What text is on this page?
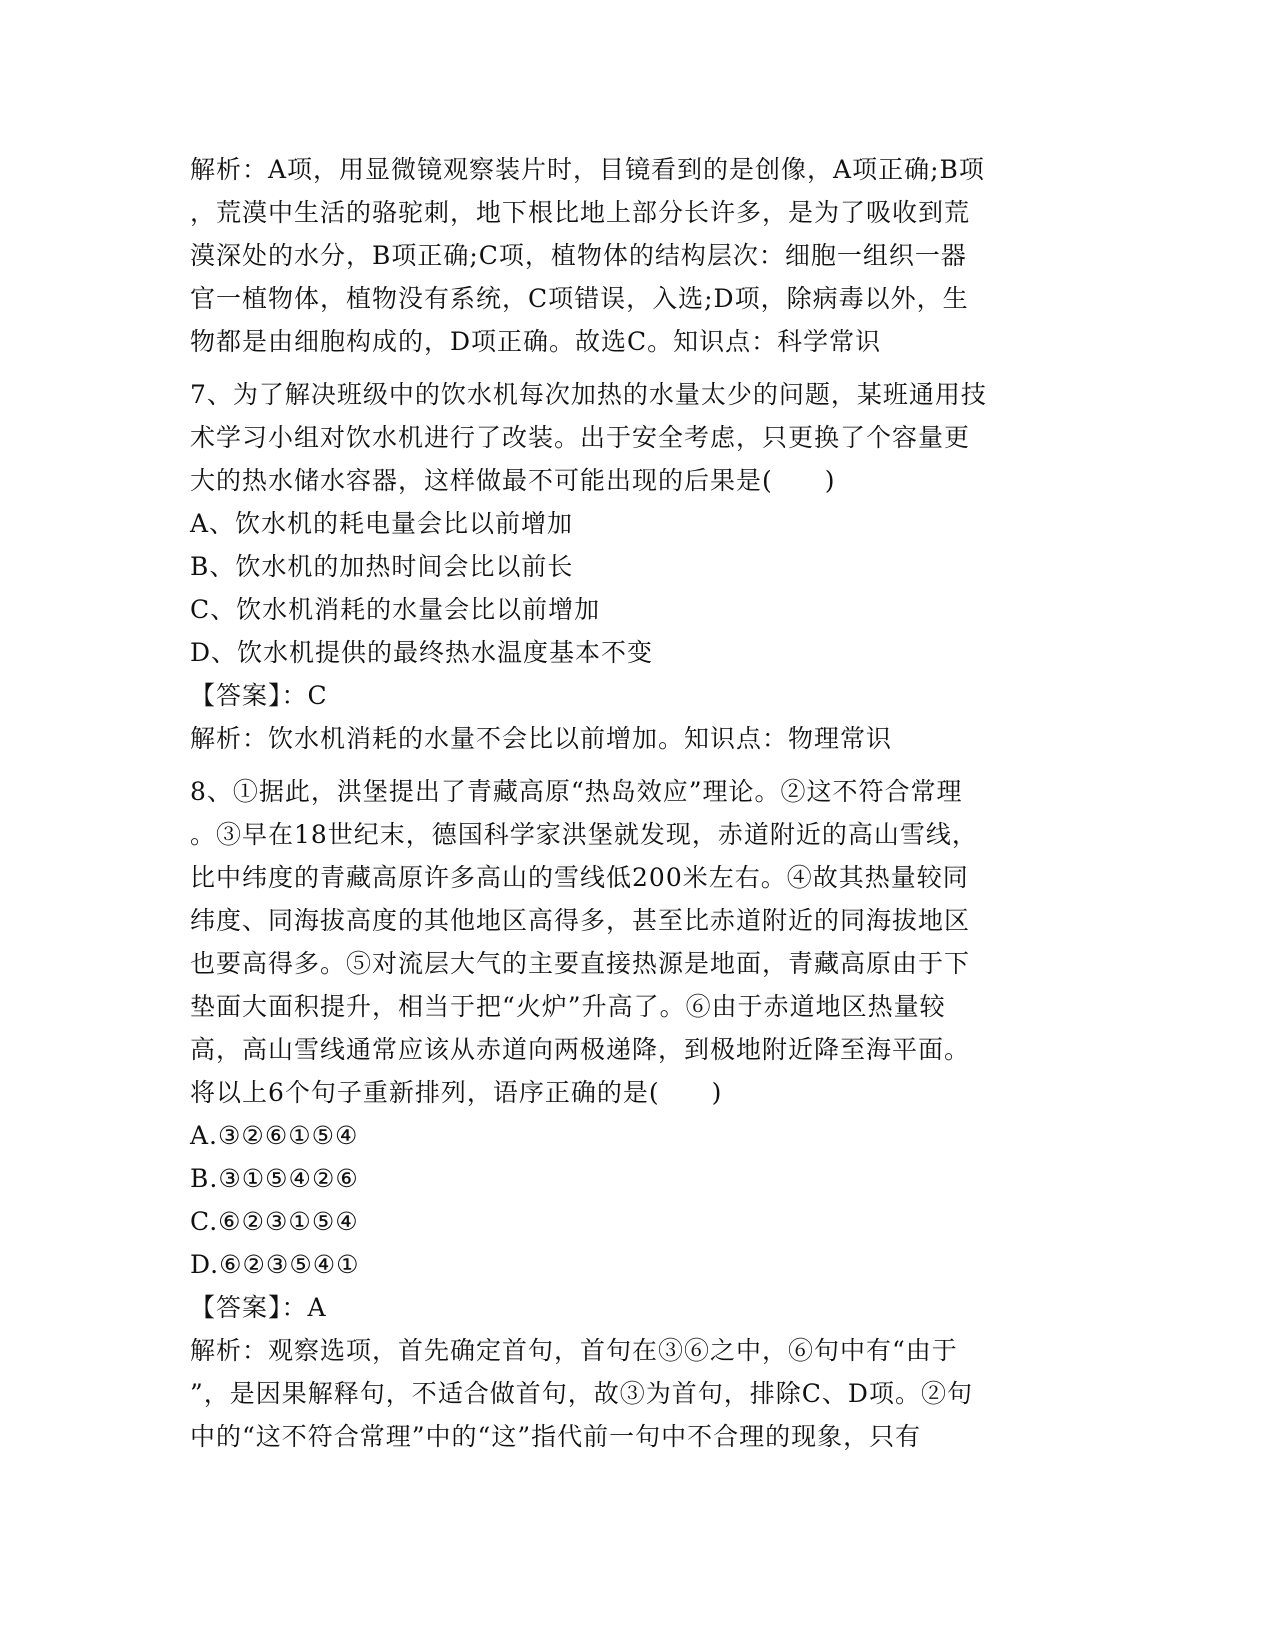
解析：A项，用显微镜观察装片时，目镜看到的是创像，A项正确;B项
，荒漠中生活的骆驼刺，地下根比地上部分长许多，是为了吸收到荒
漠深处的水分，B项正确;C项，植物体的结构层次：细胞一组织一器
官一植物体，植物没有系统，C项错误，入选;D项，除病毒以外，生
物都是由细胞构成的，D项正确。故选C。知识点：科学常识
7、为了解决班级中的饮水机每次加热的水量太少的问题，某班通用技
术学习小组对饮水机进行了改装。出于安全考虑，只更换了个容量更
大的热水储水容器，这样做最不可能出现的后果是(　　)
A、饮水机的耗电量会比以前增加
B、饮水机的加热时间会比以前长
C、饮水机消耗的水量会比以前增加
D、饮水机提供的最终热水温度基本不变
【答案】：C
解析：饮水机消耗的水量不会比以前增加。知识点：物理常识
8、①据此，洪堡提出了青藏高原“热岛效应”理论。②这不符合常理
。③早在18世纪末，德国科学家洪堡就发现，赤道附近的高山雪线，
比中纬度的青藏高原许多高山的雪线低200米左右。④故其热量较同
纬度、同海拔高度的其他地区高得多，甚至比赤道附近的同海拔地区
也要高得多。⑤对流层大气的主要直接热源是地面，青藏高原由于下
垫面大面积提升，相当于把“火炉”升高了。⑥由于赤道地区热量较
高，高山雪线通常应该从赤道向两极递降，到极地附近降至海平面。
将以上6个句子重新排列，语序正确的是(　　)
A.③②⑥①⑤④
B.③①⑤④②⑥
C.⑥②③①⑤④
D.⑥②③⑤④①
【答案】：A
解析：观察选项，首先确定首句，首句在③⑥之中，⑥句中有“由于
”，是因果解释句，不适合做首句，故③为首句，排除C、D项。②句
中的“这不符合常理”中的“这”指代前一句中不合理的现象，只有
